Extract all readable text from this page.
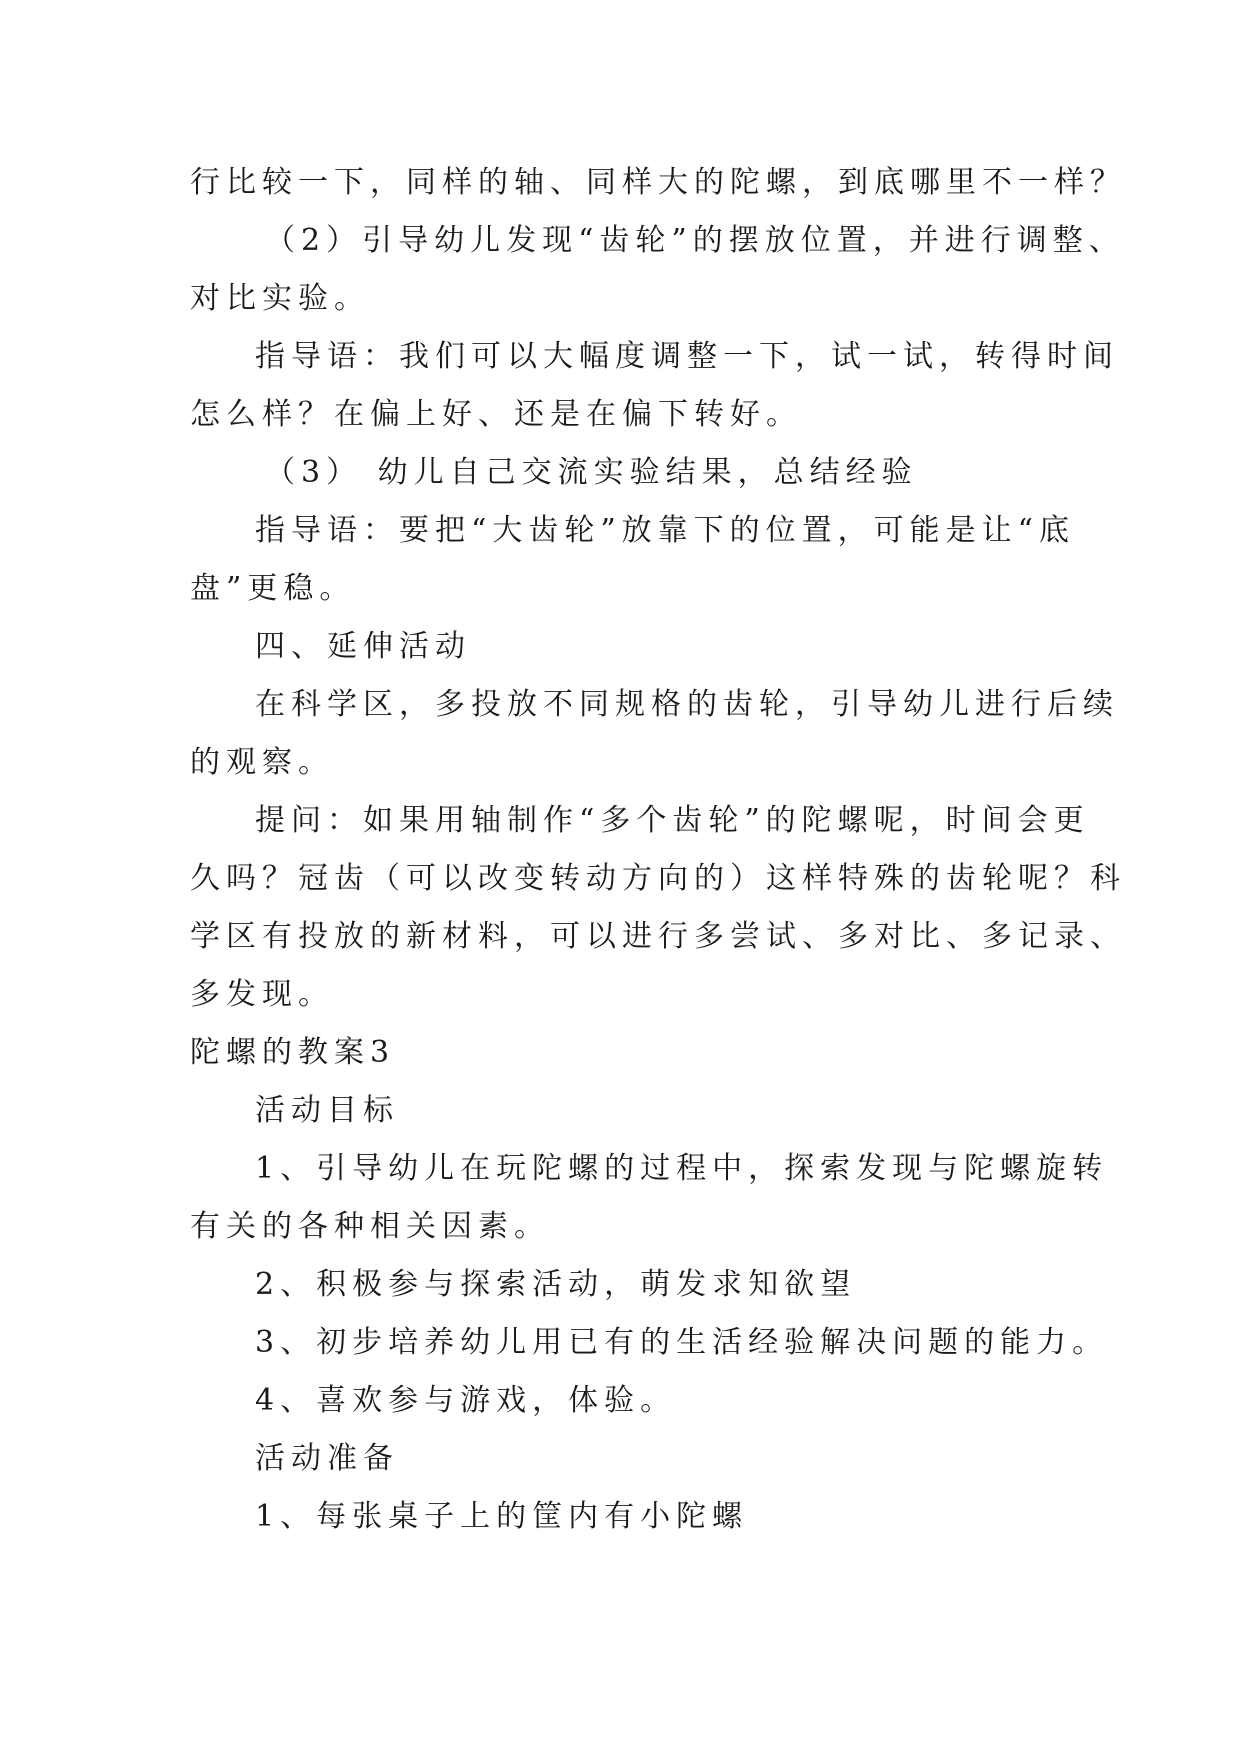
行比较一下，同样的轴、同样大的陀螺，到底哪里不一样？
（2）引导幼儿发现“齿轮”的摆放位置，并进行调整、
对比实验。
指导语：我们可以大幅度调整一下，试一试，转得时间
怎么样？在偏上好、还是在偏下转好。
（3） 幼儿自己交流实验结果，总结经验
指导语：要把“大齿轮”放靠下的位置，可能是让“底
盘”更稳。
四、延伸活动
在科学区，多投放不同规格的齿轮，引导幼儿进行后续
的观察。
提问：如果用轴制作“多个齿轮”的陀螺呢，时间会更
久吗？冠齿（可以改变转动方向的）这样特殊的齿轮呢？科
学区有投放的新材料，可以进行多尝试、多对比、多记录、
多发现。
陀螺的教案3
活动目标
1、引导幼儿在玩陀螺的过程中，探索发现与陀螺旋转
有关的各种相关因素。
2、积极参与探索活动，萌发求知欲望
3、初步培养幼儿用已有的生活经验解决问题的能力。
4、喜欢参与游戏，体验。
活动准备
1、每张桌子上的筐内有小陀螺
